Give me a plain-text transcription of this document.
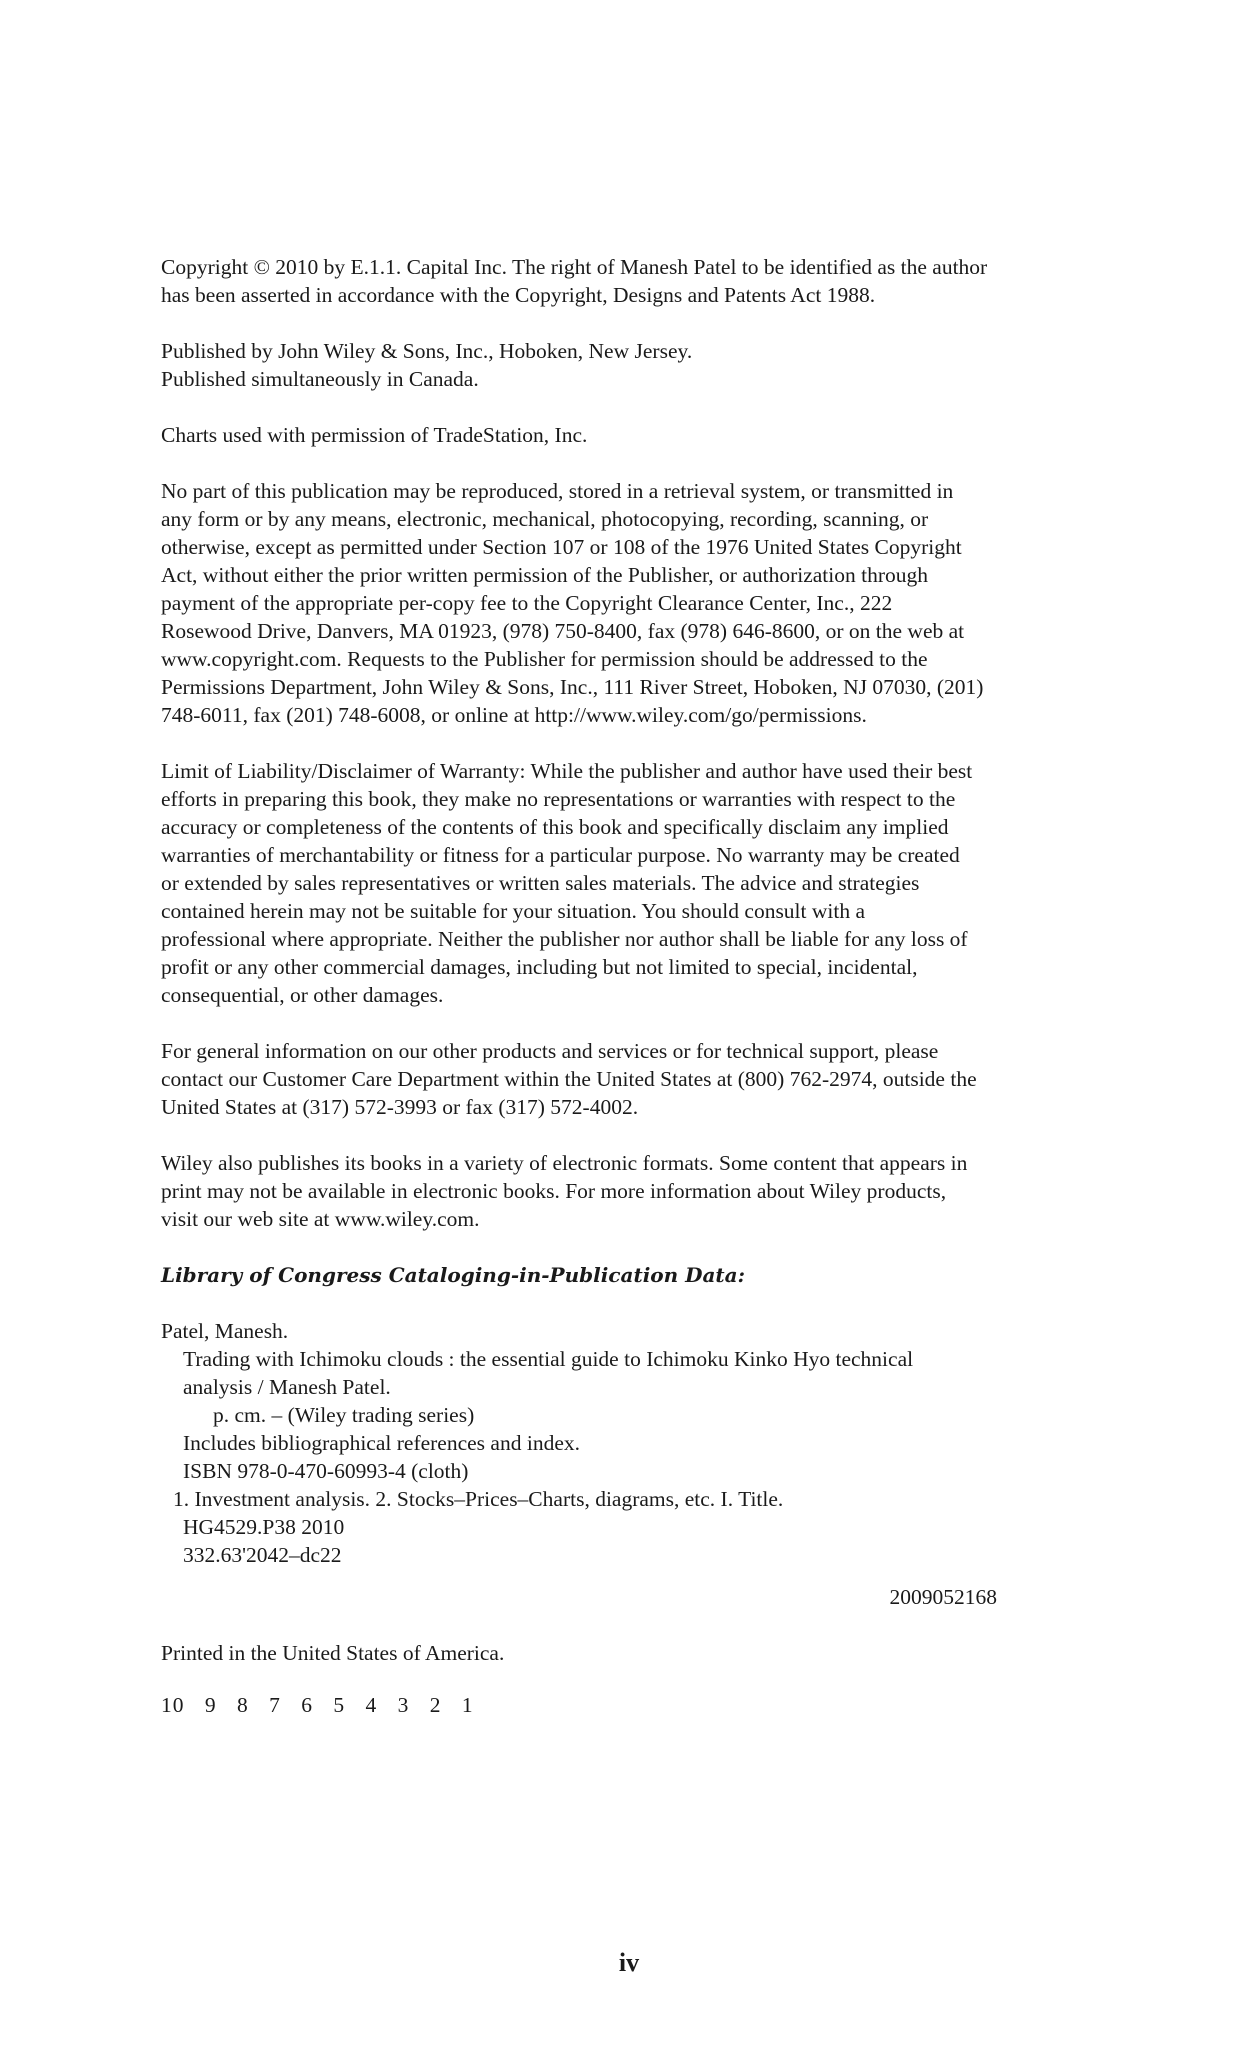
Copyright © 2010 by E.1.1. Capital Inc. The right of Manesh Patel to be identified as the author
has been asserted in accordance with the Copyright, Designs and Patents Act 1988.

Published by John Wiley & Sons, Inc., Hoboken, New Jersey.
Published simultaneously in Canada.

Charts used with permission of TradeStation, Inc.

No part of this publication may be reproduced, stored in a retrieval system, or transmitted in
any form or by any means, electronic, mechanical, photocopying, recording, scanning, or
otherwise, except as permitted under Section 107 or 108 of the 1976 United States Copyright
Act, without either the prior written permission of the Publisher, or authorization through
payment of the appropriate per-copy fee to the Copyright Clearance Center, Inc., 222
Rosewood Drive, Danvers, MA 01923, (978) 750-8400, fax (978) 646-8600, or on the web at
www.copyright.com. Requests to the Publisher for permission should be addressed to the
Permissions Department, John Wiley & Sons, Inc., 111 River Street, Hoboken, NJ 07030, (201)
748-6011, fax (201) 748-6008, or online at http://www.wiley.com/go/permissions.

Limit of Liability/Disclaimer of Warranty: While the publisher and author have used their best
efforts in preparing this book, they make no representations or warranties with respect to the
accuracy or completeness of the contents of this book and specifically disclaim any implied
warranties of merchantability or fitness for a particular purpose. No warranty may be created
or extended by sales representatives or written sales materials. The advice and strategies
contained herein may not be suitable for your situation. You should consult with a
professional where appropriate. Neither the publisher nor author shall be liable for any loss of
profit or any other commercial damages, including but not limited to special, incidental,
consequential, or other damages.

For general information on our other products and services or for technical support, please
contact our Customer Care Department within the United States at (800) 762-2974, outside the
United States at (317) 572-3993 or fax (317) 572-4002.

Wiley also publishes its books in a variety of electronic formats. Some content that appears in
print may not be available in electronic books. For more information about Wiley products,
visit our web site at www.wiley.com.

Library of Congress Cataloging-in-Publication Data:

Patel, Manesh.
Trading with Ichimoku clouds : the essential guide to Ichimoku Kinko Hyo technical
analysis / Manesh Patel.
p. cm. – (Wiley trading series)
Includes bibliographical references and index.
ISBN 978-0-470-60993-4 (cloth)
1. Investment analysis. 2. Stocks–Prices–Charts, diagrams, etc. I. Title.
HG4529.P38 2010
332.63'2042–dc22
2009052168

Printed in the United States of America.

10 9 8 7 6 5 4 3 2 1
iv
